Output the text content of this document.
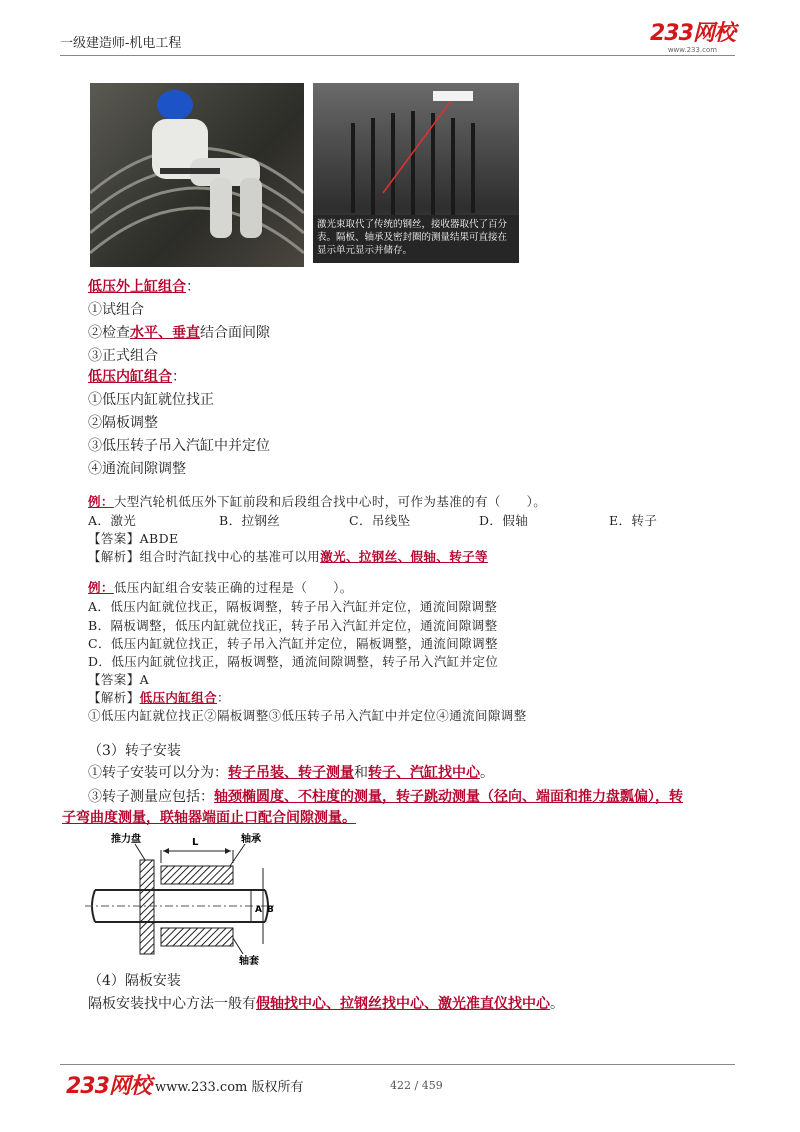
一级建造师-机电工程	233网校
www.233.com
激光束取代了传统的钢丝，接收器取代了百分表。隔板、轴承及密封圈的测量结果可直接在显示单元显示并储存。
低压外上缸组合：
①试组合
②检查水平、垂直结合面间隙
③正式组合
低压内缸组合：
①低压内缸就位找正
②隔板调整
③低压转子吊入汽缸中并定位
④通流间隙调整
例：大型汽轮机低压外下缸前段和后段组合找中心时，可作为基准的有（　　）。
A．激光	B．拉钢丝	C．吊线坠	D．假轴	E．转子
【答案】ABDE
【解析】组合时汽缸找中心的基准可以用激光、拉钢丝、假轴、转子等
例：低压内缸组合安装正确的过程是（　　）。
A．低压内缸就位找正，隔板调整，转子吊入汽缸并定位，通流间隙调整
B．隔板调整，低压内缸就位找正，转子吊入汽缸并定位，通流间隙调整
C．低压内缸就位找正，转子吊入汽缸并定位，隔板调整，通流间隙调整
D．低压内缸就位找正，隔板调整，通流间隙调整，转子吊入汽缸并定位
【答案】A
【解析】低压内缸组合：
①低压内缸就位找正②隔板调整③低压转子吊入汽缸中并定位④通流间隙调整
（3）转子安装
①转子安装可以分为：转子吊装、转子测量和转子、汽缸找中心。
③转子测量应包括：轴颈椭圆度、不柱度的测量，转子跳动测量（径向、端面和推力盘瓢偏），转
子弯曲度测量，联轴器端面止口配合间隙测量。
L
A B
推力盘	轴承
轴套
（4）隔板安装
隔板安装找中心方法一般有假轴找中心、拉钢丝找中心、激光准直仪找中心。
233网校 www.233.com 版权所有	422 / 459
